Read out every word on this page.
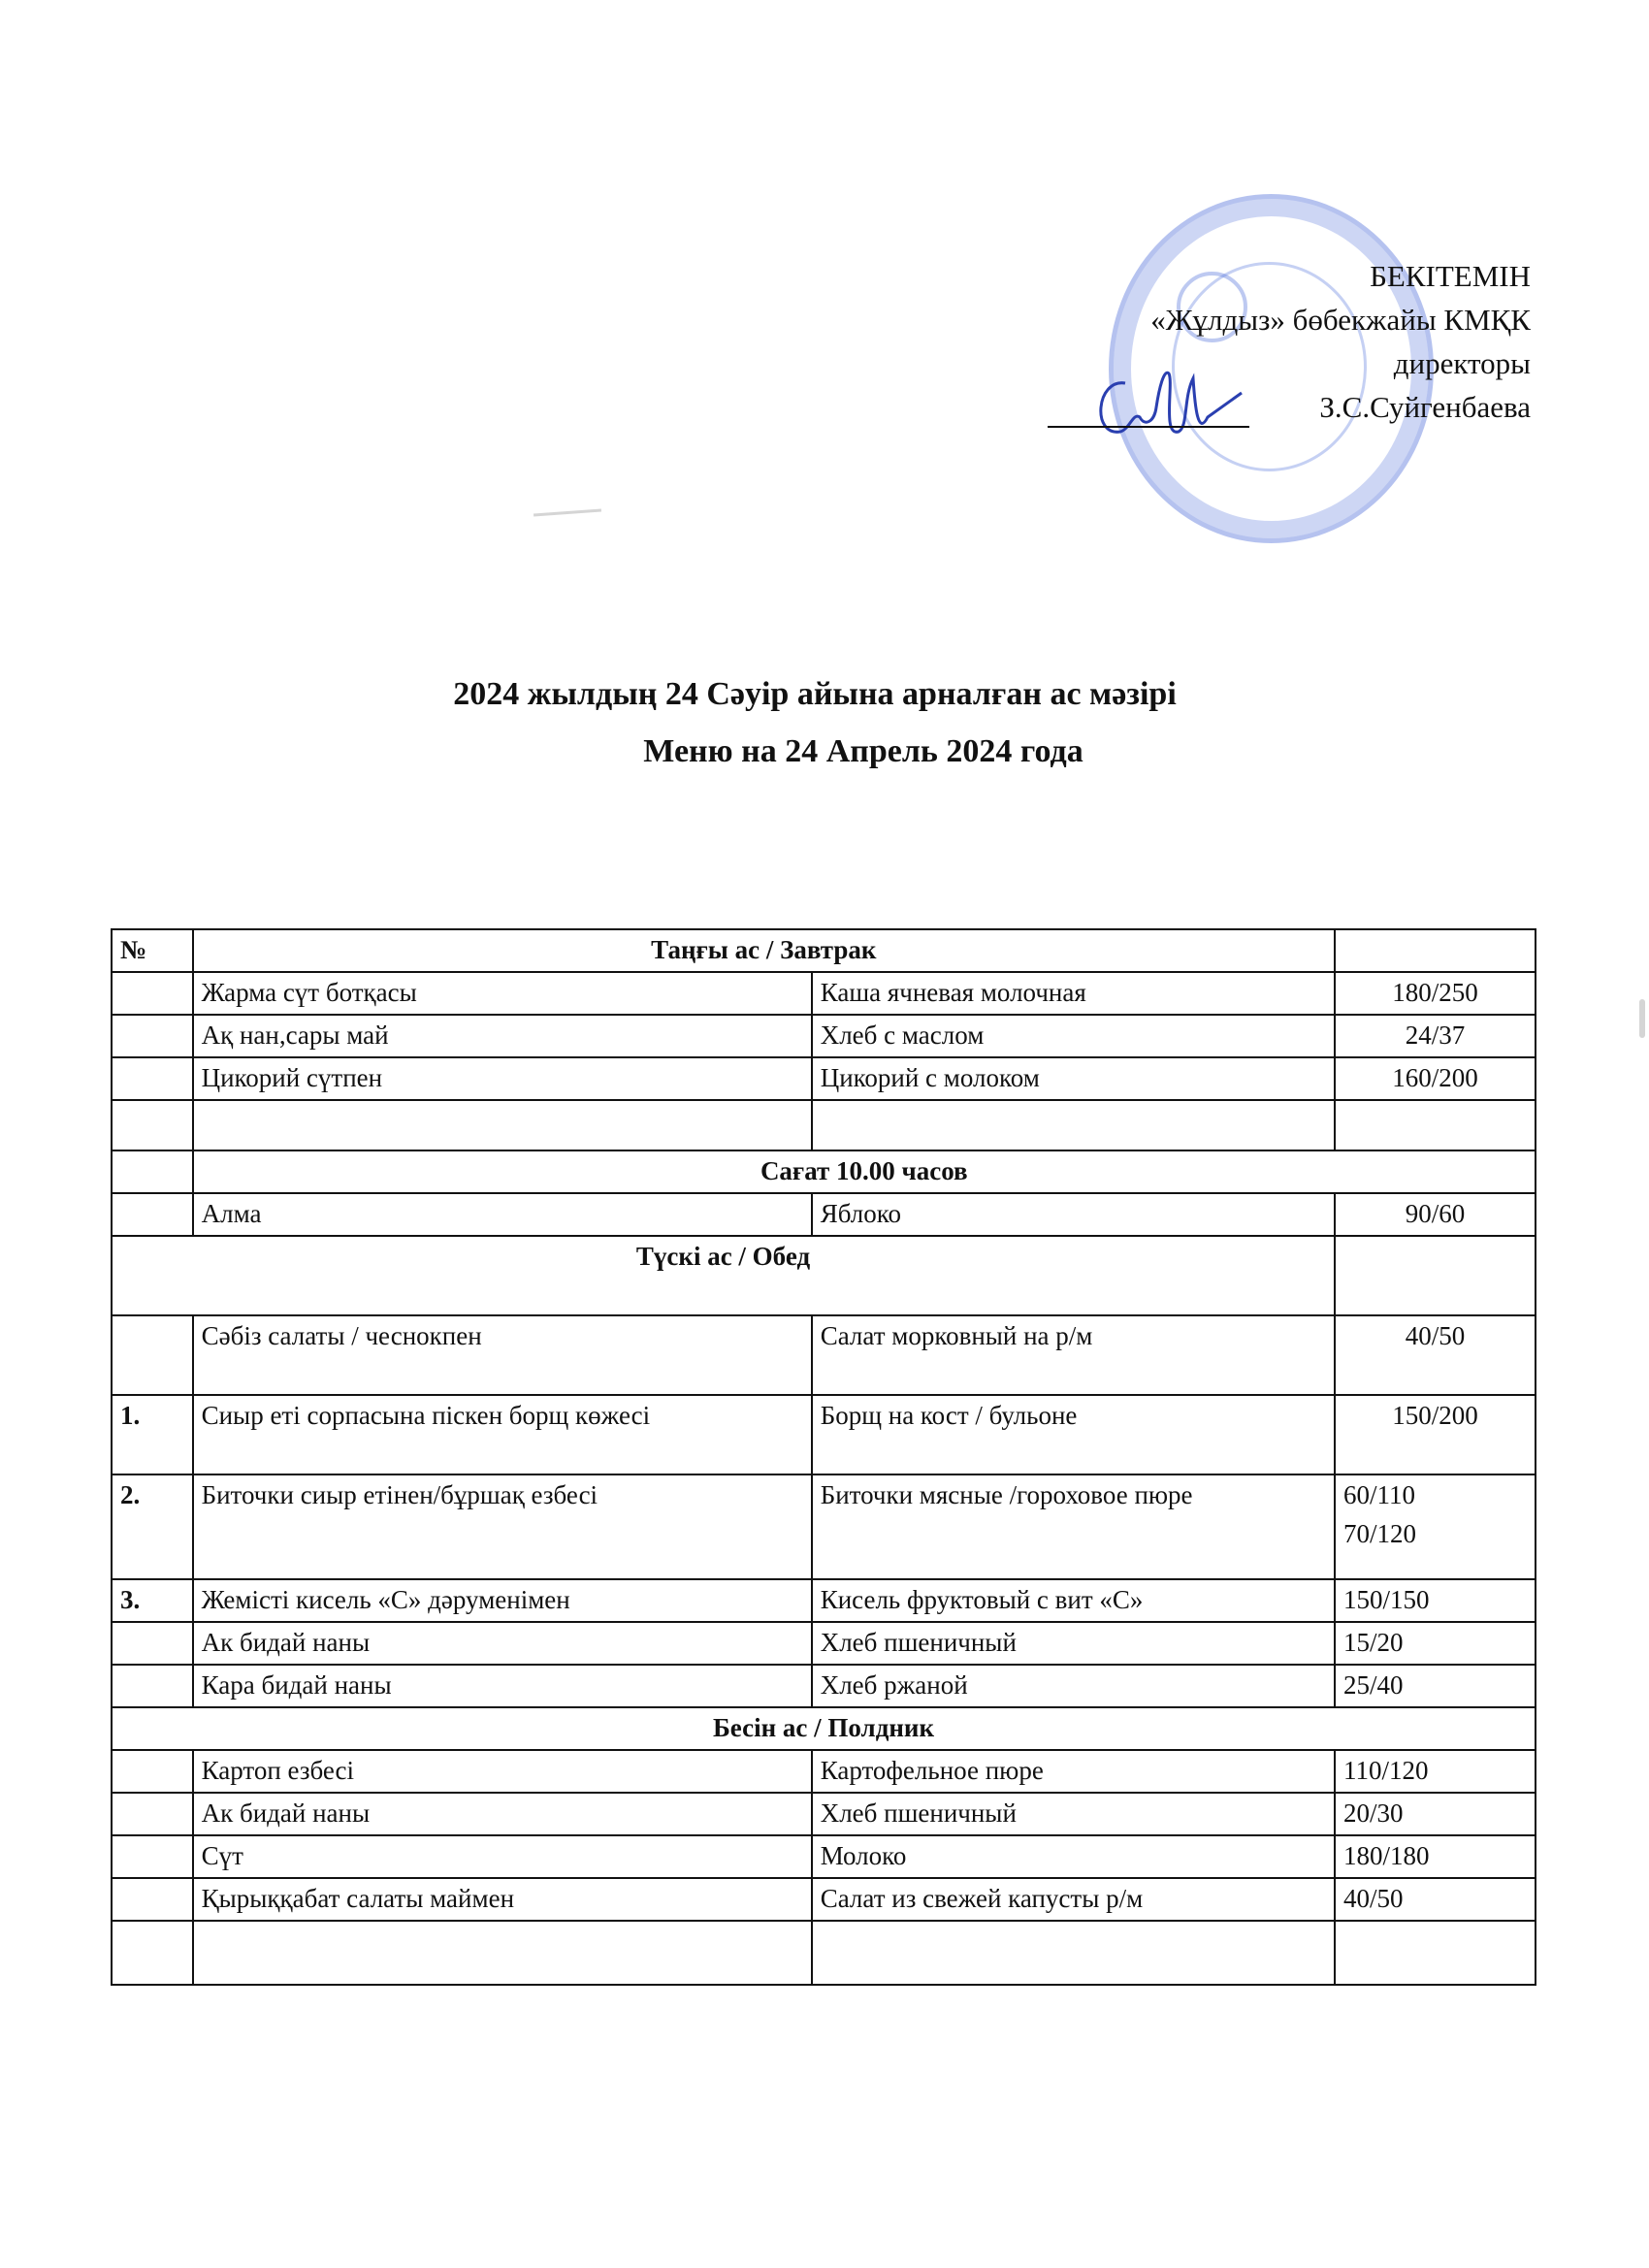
БЕКІТЕМІН
«Жұлдыз» бөбекжайы КМҚК
директоры
З.С.Суйгенбаева
2024 жылдың 24 Сәуір айына арналған ас мәзірі
Меню на 24 Апрель 2024 года
№	Таңғы ас / Завтрак		
	Жарма сүт ботқасы	Каша ячневая молочная	180/250
	Ақ нан,сары май	Хлеб с маслом	24/37
	Цикорий сүтпен	Цикорий с молоком	160/200

	Сағат 10.00 часов		
	Алма	Яблоко	90/60
Түскі ас / Обед			
	Сәбіз салаты / чеснокпен	Салат морковный на р/м	40/50
1.	Сиыр еті сорпасына піскен борщ көжесі	Борщ на кост / бульоне	150/200
2.	Биточки сиыр етінен/бұршақ езбесі	Биточки мясные /гороховое пюре	60/110
70/120

3.	Жемісті кисель «С» дәруменімен	Кисель фруктовый с вит «С»	150/150
	Ак бидай наны	Хлеб пшеничный	15/20
	Кара бидай наны	Хлеб ржаной	25/40
Бесін ас / Полдник			
	Картоп езбесі	Картофельное пюре	110/120
	Ак бидай наны	Хлеб пшеничный	20/30
	Сүт	Молоко	180/180
	Қырыққабат салаты маймен	Салат из свежей капусты р/м	40/50
